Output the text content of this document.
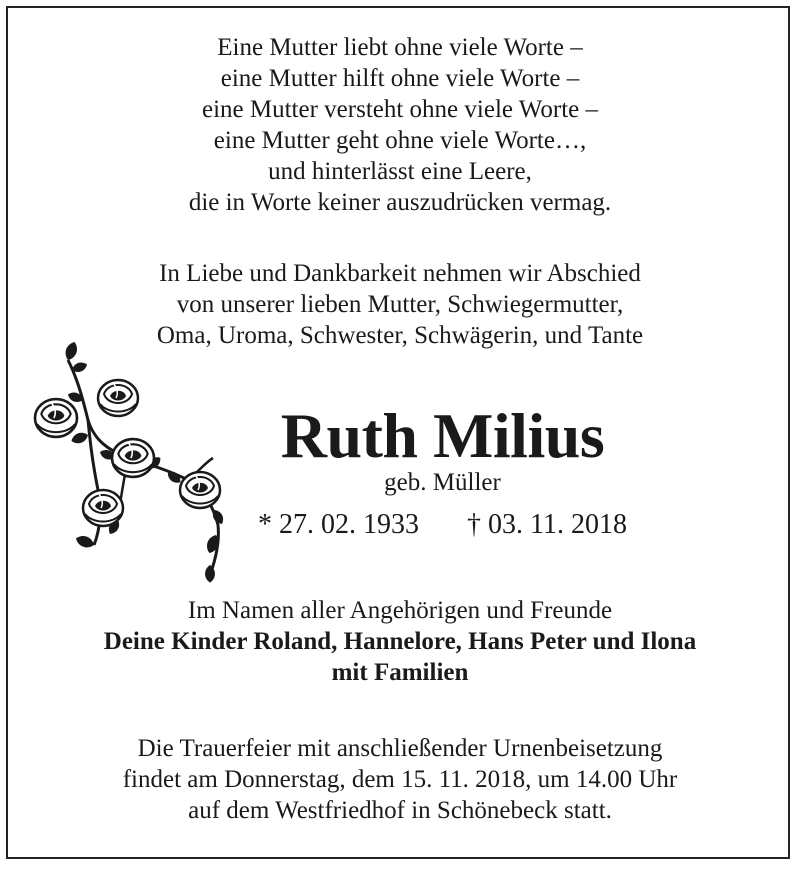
Eine Mutter liebt ohne viele Worte –
eine Mutter hilft ohne viele Worte –
eine Mutter versteht ohne viele Worte –
eine Mutter geht ohne viele Worte…,
und hinterlässt eine Leere,
die in Worte keiner auszudrücken vermag.
In Liebe und Dankbarkeit nehmen wir Abschied
von unserer lieben Mutter, Schwiegermutter,
Oma, Uroma, Schwester, Schwägerin, und Tante
Ruth Milius
geb. Müller
* 27. 02. 1933 † 03. 11. 2018
Im Namen aller Angehörigen und Freunde
Deine Kinder Roland, Hannelore, Hans Peter und Ilona
mit Familien
Die Trauerfeier mit anschließender Urnenbeisetzung
findet am Donnerstag, dem 15. 11. 2018, um 14.00 Uhr
auf dem Westfriedhof in Schönebeck statt.
